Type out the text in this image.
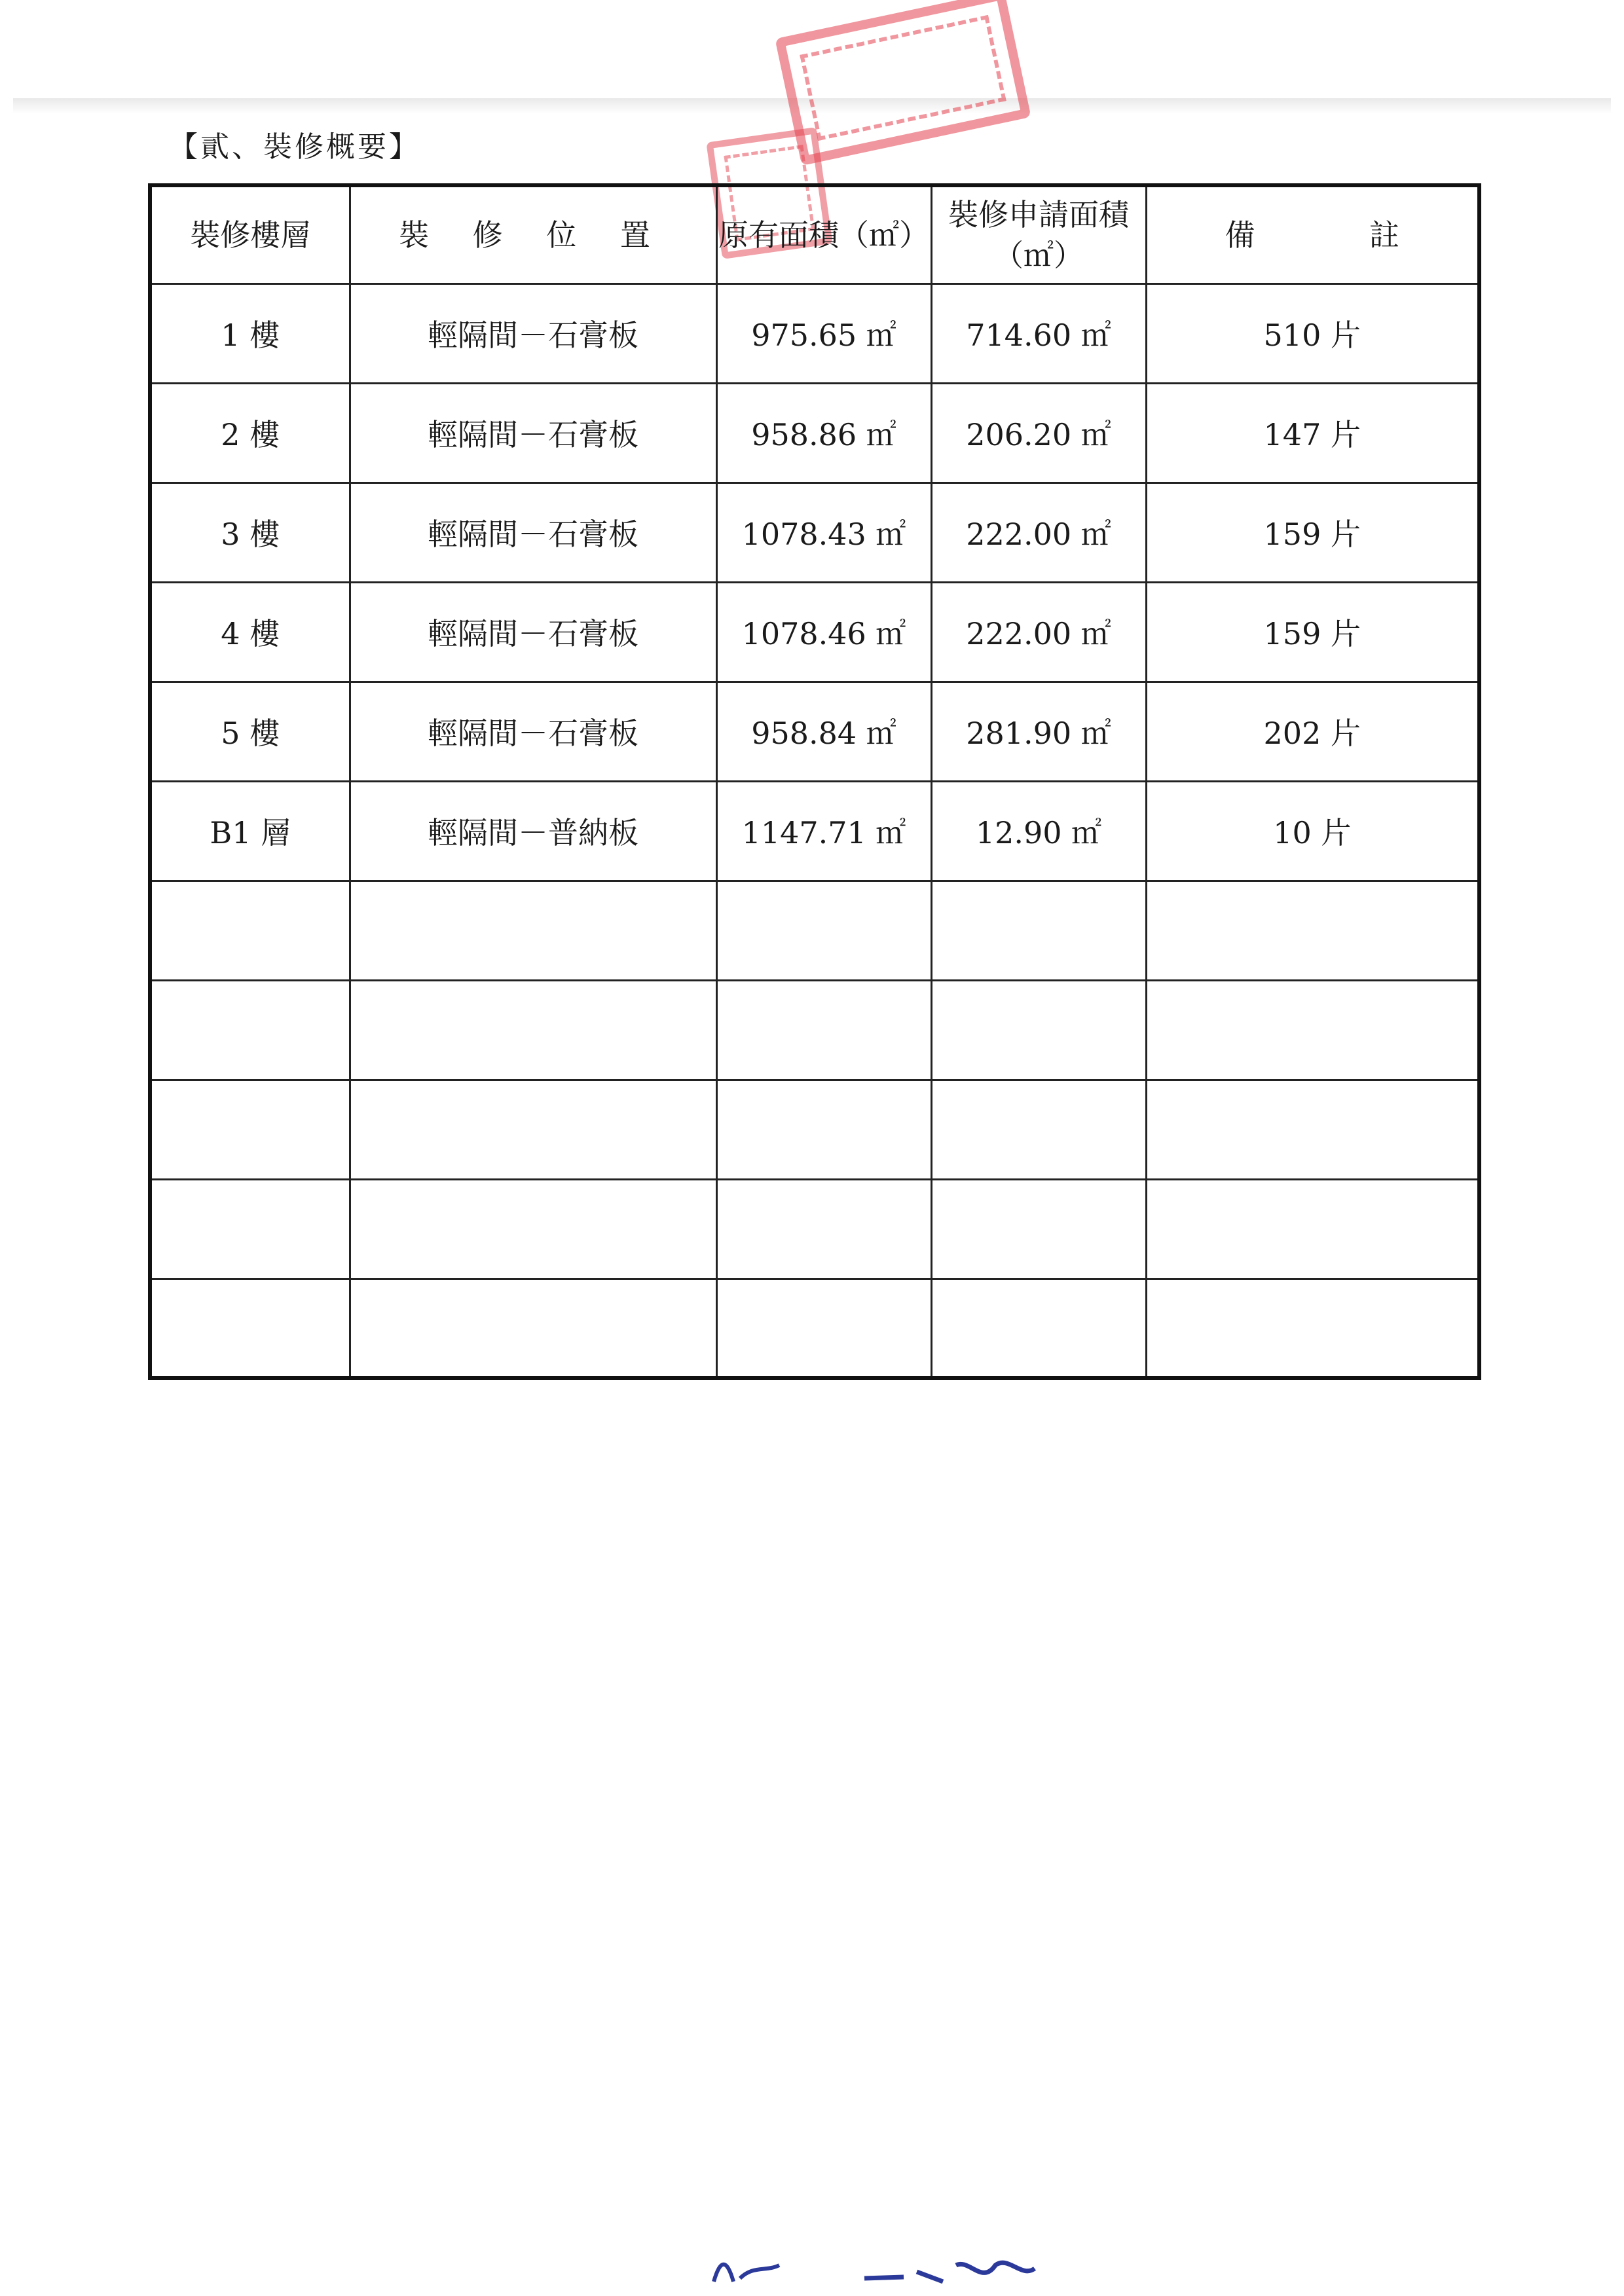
【貳、裝修概要】
裝修樓層	裝 修 位 置	原有面積（㎡）	裝修申請面積（㎡）	備 註
1 樓	輕隔間－石膏板	975.65 ㎡	714.60 ㎡	510 片
2 樓	輕隔間－石膏板	958.86 ㎡	206.20 ㎡	147 片
3 樓	輕隔間－石膏板	1078.43 ㎡	222.00 ㎡	159 片
4 樓	輕隔間－石膏板	1078.46 ㎡	222.00 ㎡	159 片
5 樓	輕隔間－石膏板	958.84 ㎡	281.90 ㎡	202 片
B1 層	輕隔間－普納板	1147.71 ㎡	12.90 ㎡	10 片
